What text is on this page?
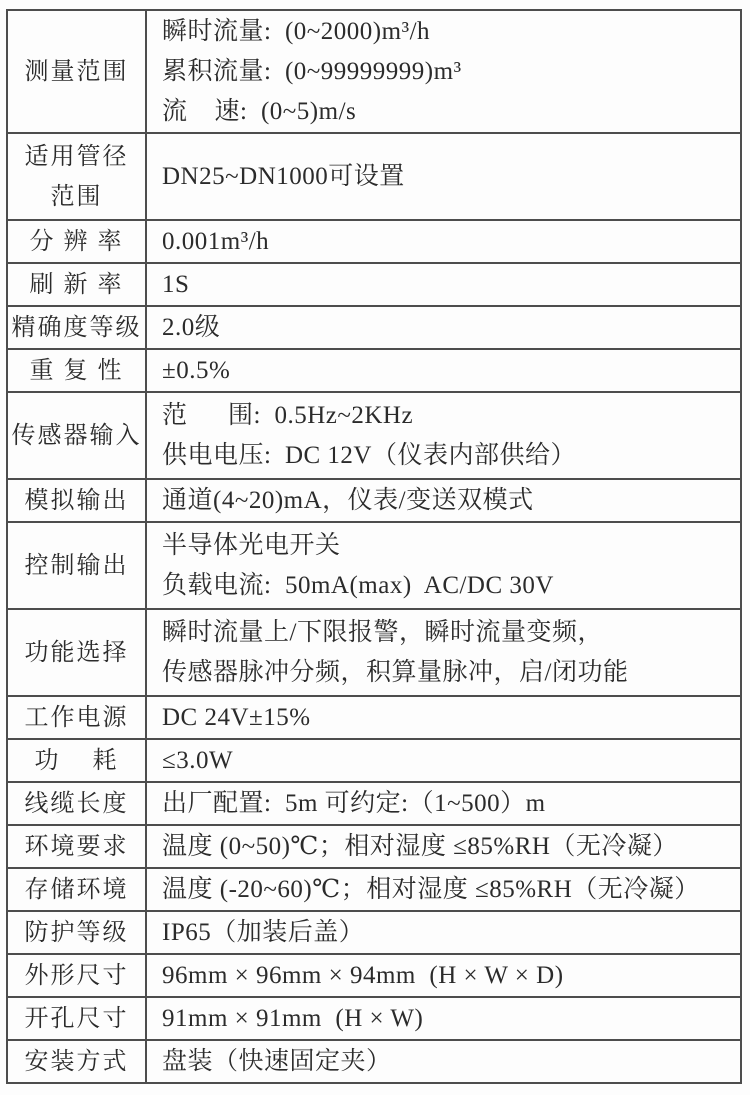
测量范围
瞬时流量:  (0~2000)m³/h
累积流量:  (0~99999999)m³
流    速:  (0~5)m/s
适用管径
范围
DN25~DN1000可设置
分 辨 率 0.001m³/h
刷 新 率 1S
精确度等级 2.0级
重 复 性 ±0.5%
传感器输入
范      围:  0.5Hz~2KHz
供电电压:  DC 12V（仪表内部供给）
模拟输出 通道(4~20)mA，仪表/变送双模式
控制输出
半导体光电开关
负载电流:  50mA(max)  AC/DC 30V
功能选择
瞬时流量上/下限报警，瞬时流量变频，
传感器脉冲分频，积算量脉冲，启/闭功能
工作电源 DC 24V±15%
功    耗 ≤3.0W
线缆长度 出厂配置:  5m 可约定:（1~500）m
环境要求 温度 (0~50)℃；相对湿度 ≤85%RH（无冷凝）
存储环境 温度 (-20~60)℃；相对湿度 ≤85%RH（无冷凝）
防护等级 IP65（加装后盖）
外形尺寸 96mm × 96mm × 94mm  (H × W × D)
开孔尺寸 91mm × 91mm  (H × W)
安装方式 盘装（快速固定夹）
